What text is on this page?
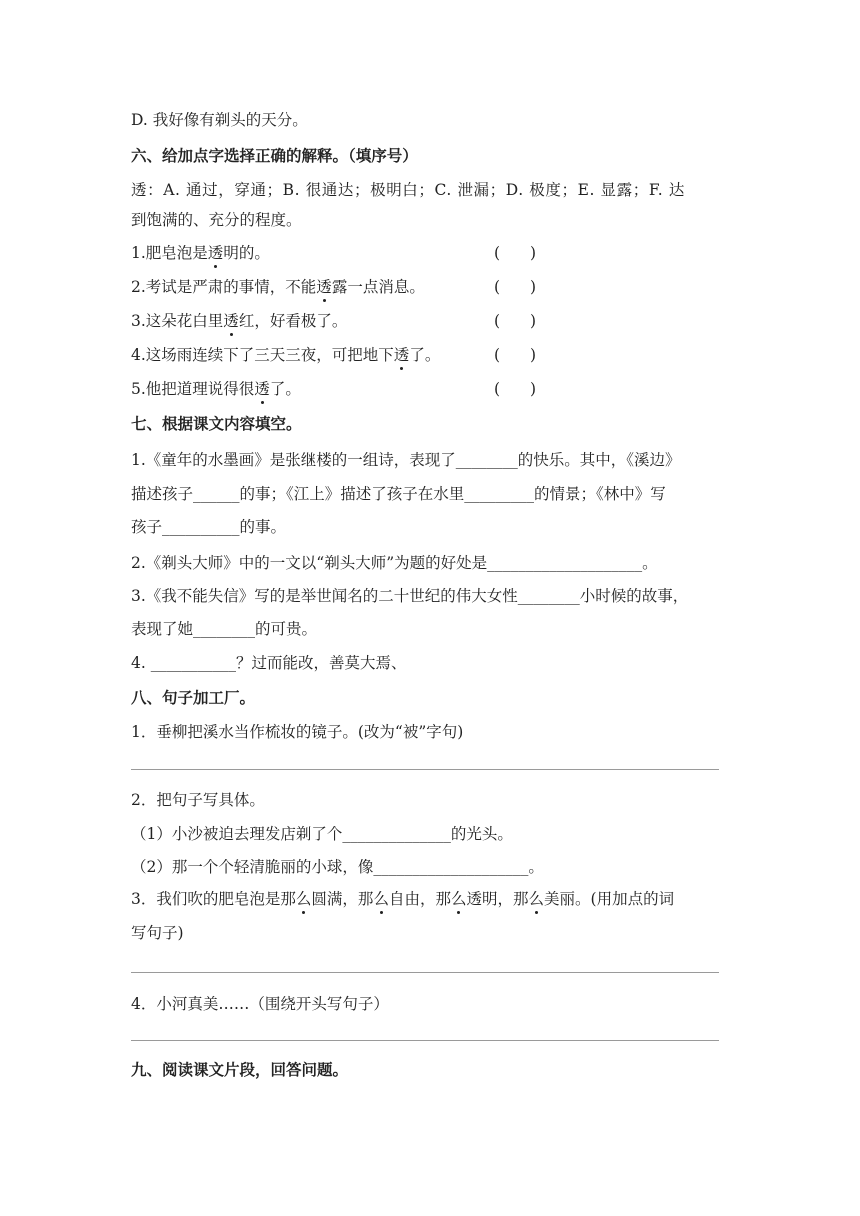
D. 我好像有剃头的天分。
六、给加点字选择正确的解释。（填序号）
透：A. 通过，穿通；B. 很通达；极明白；C. 泄漏；D. 极度；E. 显露；F. 达
到饱满的、充分的程度。
1.肥皂泡是透明的。	( )
2.考试是严肃的事情，不能透露一点消息。	( )
3.这朵花白里透红，好看极了。	( )
4.这场雨连续下了三天三夜，可把地下透了。	( )
5.他把道理说得很透了。	( )
七、根据课文内容填空。
1.《童年的水墨画》是张继楼的一组诗，表现了________的快乐。其中，《溪边》
描述孩子______的事；《江上》描述了孩子在水里_________的情景；《林中》写
孩子__________的事。
2.《剃头大师》中的一文以“剃头大师”为题的好处是____________________。
3.《我不能失信》写的是举世闻名的二十世纪的伟大女性________小时候的故事，
表现了她________的可贵。
4. ___________？过而能改，善莫大焉、
八、句子加工厂。
1．垂柳把溪水当作梳妆的镜子。(改为“被”字句)
2．把句子写具体。
（1）小沙被迫去理发店剃了个______________的光头。
（2）那一个个轻清脆丽的小球，像____________________。
3．我们吹的肥皂泡是那么圆满，那么自由，那么透明，那么美丽。(用加点的词
写句子)
4．小河真美……（围绕开头写句子）
九、阅读课文片段，回答问题。
